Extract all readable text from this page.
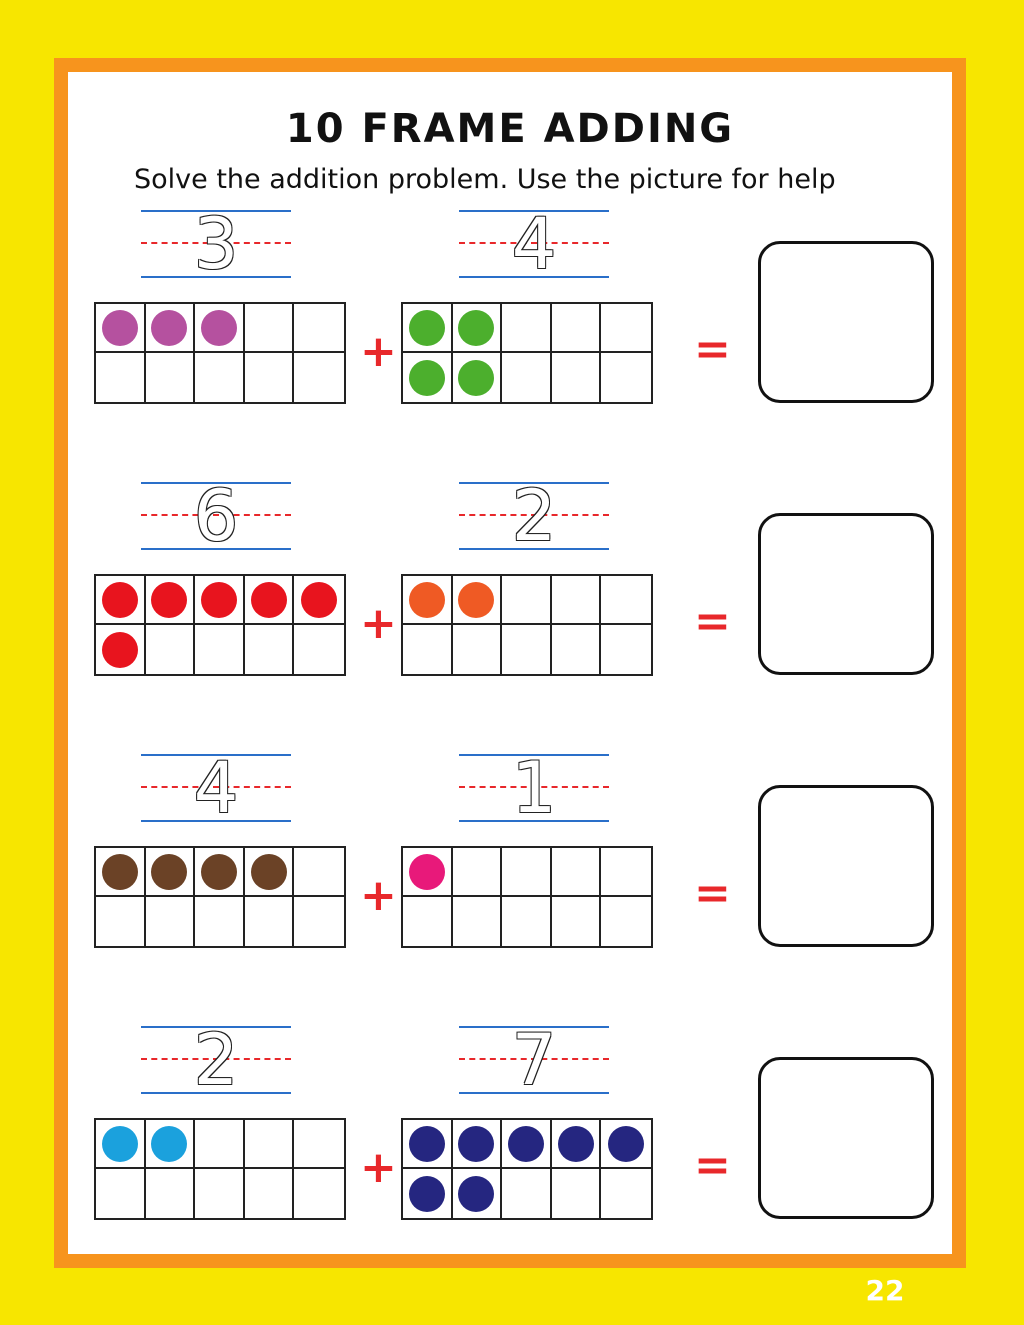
10 FRAME ADDING
Solve the addition problem. Use the picture for help
3	4
+	=
6	2
+	=
4	1
+	=
2	7
+	=
22
